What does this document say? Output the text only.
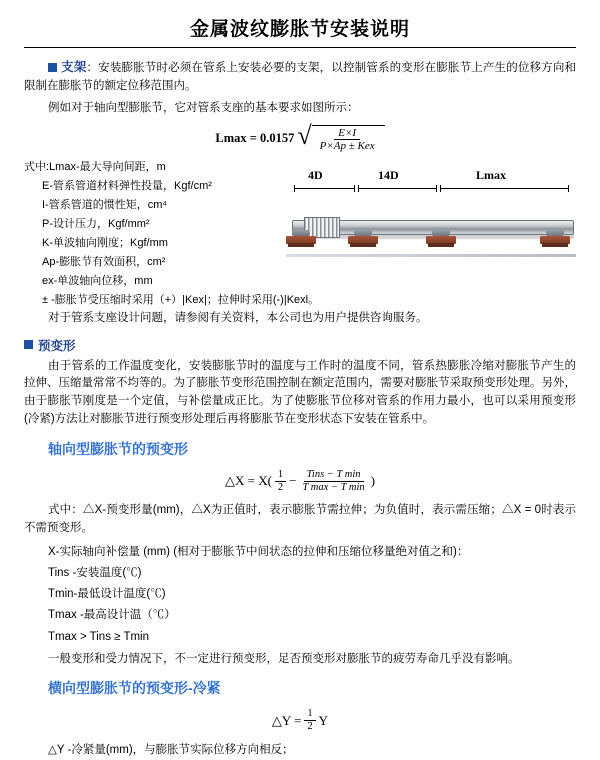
金属波纹膨胀节安装说明

支架：安装膨胀节时必须在管系上安装必要的支架，以控制管系的变形在膨胀节上产生的位移方向和限制在膨胀节的额定位移范围内。

例如对于轴向型膨胀节，它对管系支座的基本要求如图所示：

Lmax = 0.0157 √	E×I
P×Ap ± Kex
式中:Lmax-最大导向间距，m
E-管系管道材料弹性投量，Kgf/cm²
I-管系管道的惯性矩，cm⁴
P-设计压力，Kgf/mm²
K-单波轴向刚度；Kgf/mm
Ap-膨胀节有效面积，cm²
ex-单波轴向位移，mm
± -膨胀节受压缩时采用（+）|Kex|；拉伸时采用(-)|Kexl。
4D	14D	Lmax

对于管系支座设计问题，请参阅有关资料，本公司也为用户提供咨询服务。

预变形

由于管系的工作温度变化，安装膨胀节时的温度与工作时的温度不同，管系热膨胀冷缩对膨胀节产生的拉伸、压缩量常常不均等的。为了膨胀节变形范围控制在额定范围内，需要对膨胀节采取预变形处理。另外，由于膨胀节刚度是一个定值，与补偿量成正比。为了使膨胀节位移对管系的作用力最小，也可以采用预变形(冷紧)方法让对膨胀节进行预变形处理后再将膨胀节在变形状态下安装在管系中。

轴向型膨胀节的预变形
△X = $X( \frac{1}{2} - \frac{\text{Tins − T min}}{\text{T max − T min}}$ )

式中：△X-预变形量(mm)，△X为正值时，表示膨胀节需拉伸；为负值时，表示需压缩；△X = 0时表示不需预变形。

X-实际轴向补偿量 (mm) (相对于膨胀节中间状态的拉伸和压缩位移量绝对值之和)：
Tins -安装温度(℃)
Tmin-最低设计温度(℃)
Tmax -最高设计温（℃）
Tmax > Tins ≥ Tmin

一般变形和受力情况下，不一定进行预变形，足否预变形对膨胀节的疲劳寿命几乎没有影响。

横向型膨胀节的预变形-冷紧
△Y = $\frac{1}{2}$ Y

△Y -冷紧量(mm)，与膨胀节实际位移方向相反；
